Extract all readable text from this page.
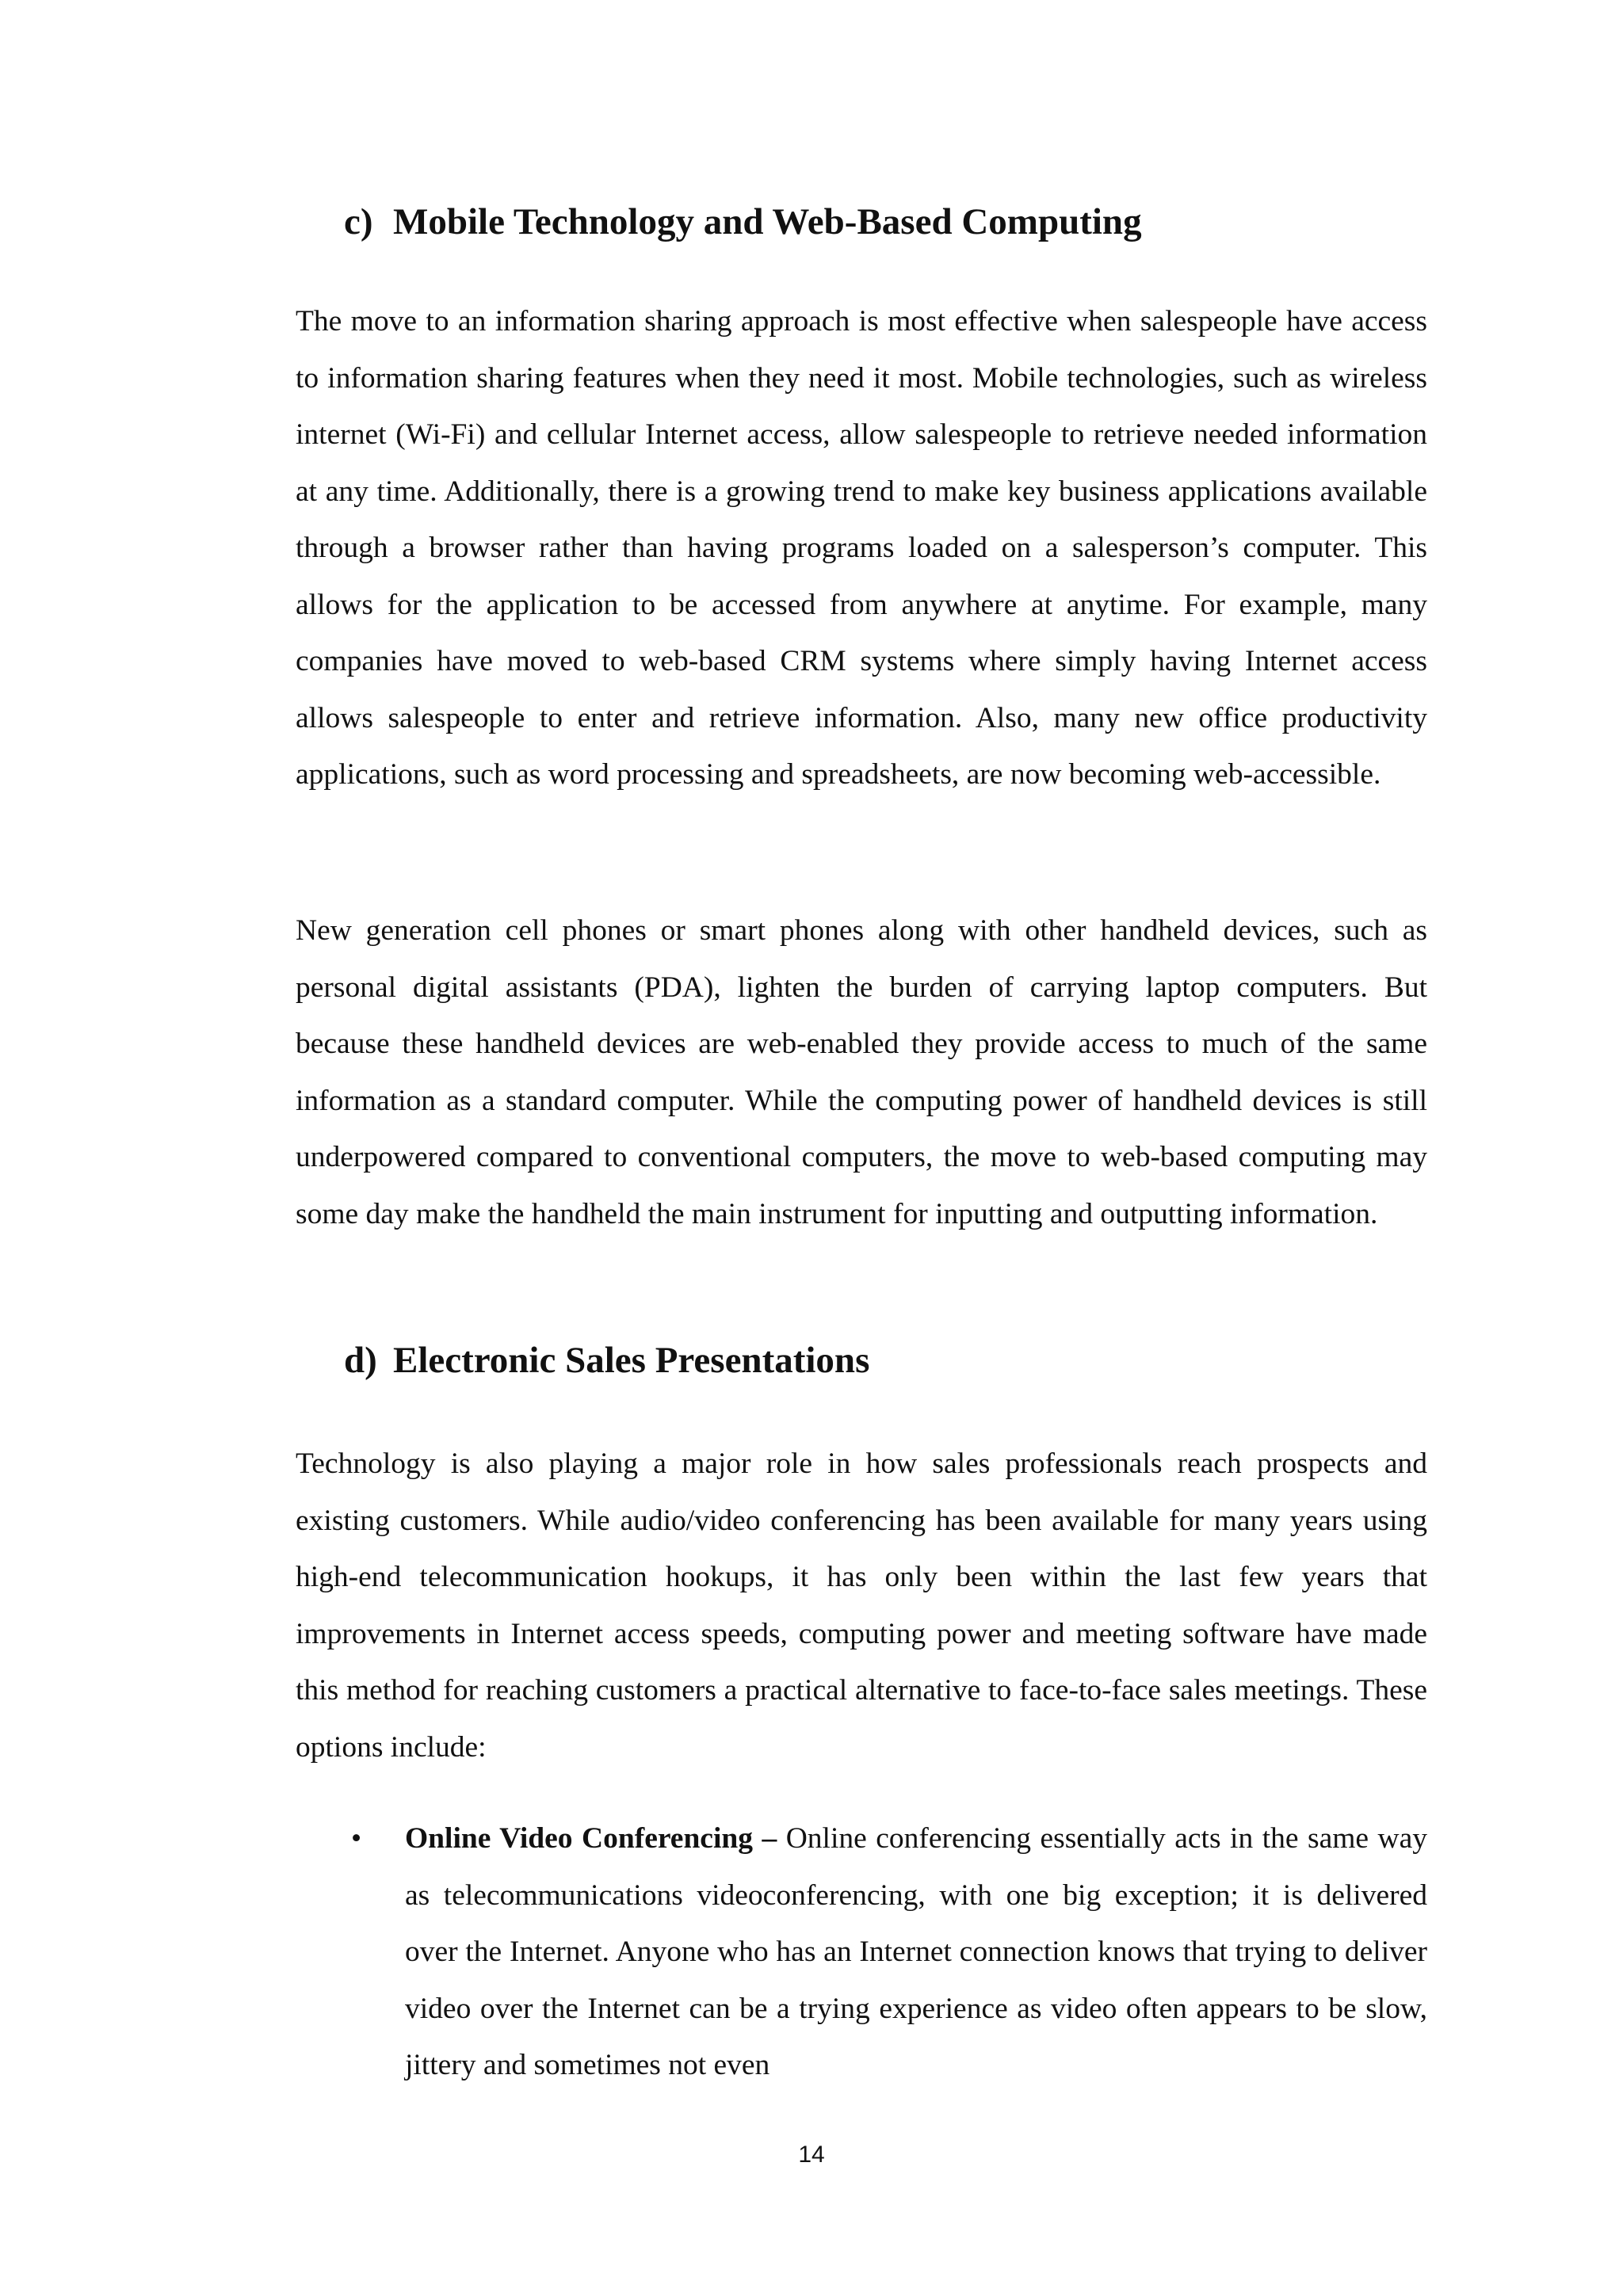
c) Mobile Technology and Web-Based Computing

The move to an information sharing approach is most effective when salespeople have access to information sharing features when they need it most. Mobile technologies, such as wireless internet (Wi-Fi) and cellular Internet access, allow salespeople to retrieve needed information at any time. Additionally, there is a growing trend to make key business applications available through a browser rather than having programs loaded on a salesperson’s computer. This allows for the application to be accessed from anywhere at anytime. For example, many companies have moved to web-based CRM systems where simply having Internet access allows salespeople to enter and retrieve information. Also, many new office productivity applications, such as word processing and spreadsheets, are now becoming web-accessible.

New generation cell phones or smart phones along with other handheld devices, such as personal digital assistants (PDA), lighten the burden of carrying laptop computers. But because these handheld devices are web-enabled they provide access to much of the same information as a standard computer. While the computing power of handheld devices is still underpowered compared to conventional computers, the move to web-based computing may some day make the handheld the main instrument for inputting and outputting information.

d) Electronic Sales Presentations

Technology is also playing a major role in how sales professionals reach prospects and existing customers. While audio/video conferencing has been available for many years using high-end telecommunication hookups, it has only been within the last few years that improvements in Internet access speeds, computing power and meeting software have made this method for reaching customers a practical alternative to face-to-face sales meetings. These options include:

• Online Video Conferencing – Online conferencing essentially acts in the same way as telecommunications videoconferencing, with one big exception; it is delivered over the Internet. Anyone who has an Internet connection knows that trying to deliver video over the Internet can be a trying experience as video often appears to be slow, jittery and sometimes not even

14
